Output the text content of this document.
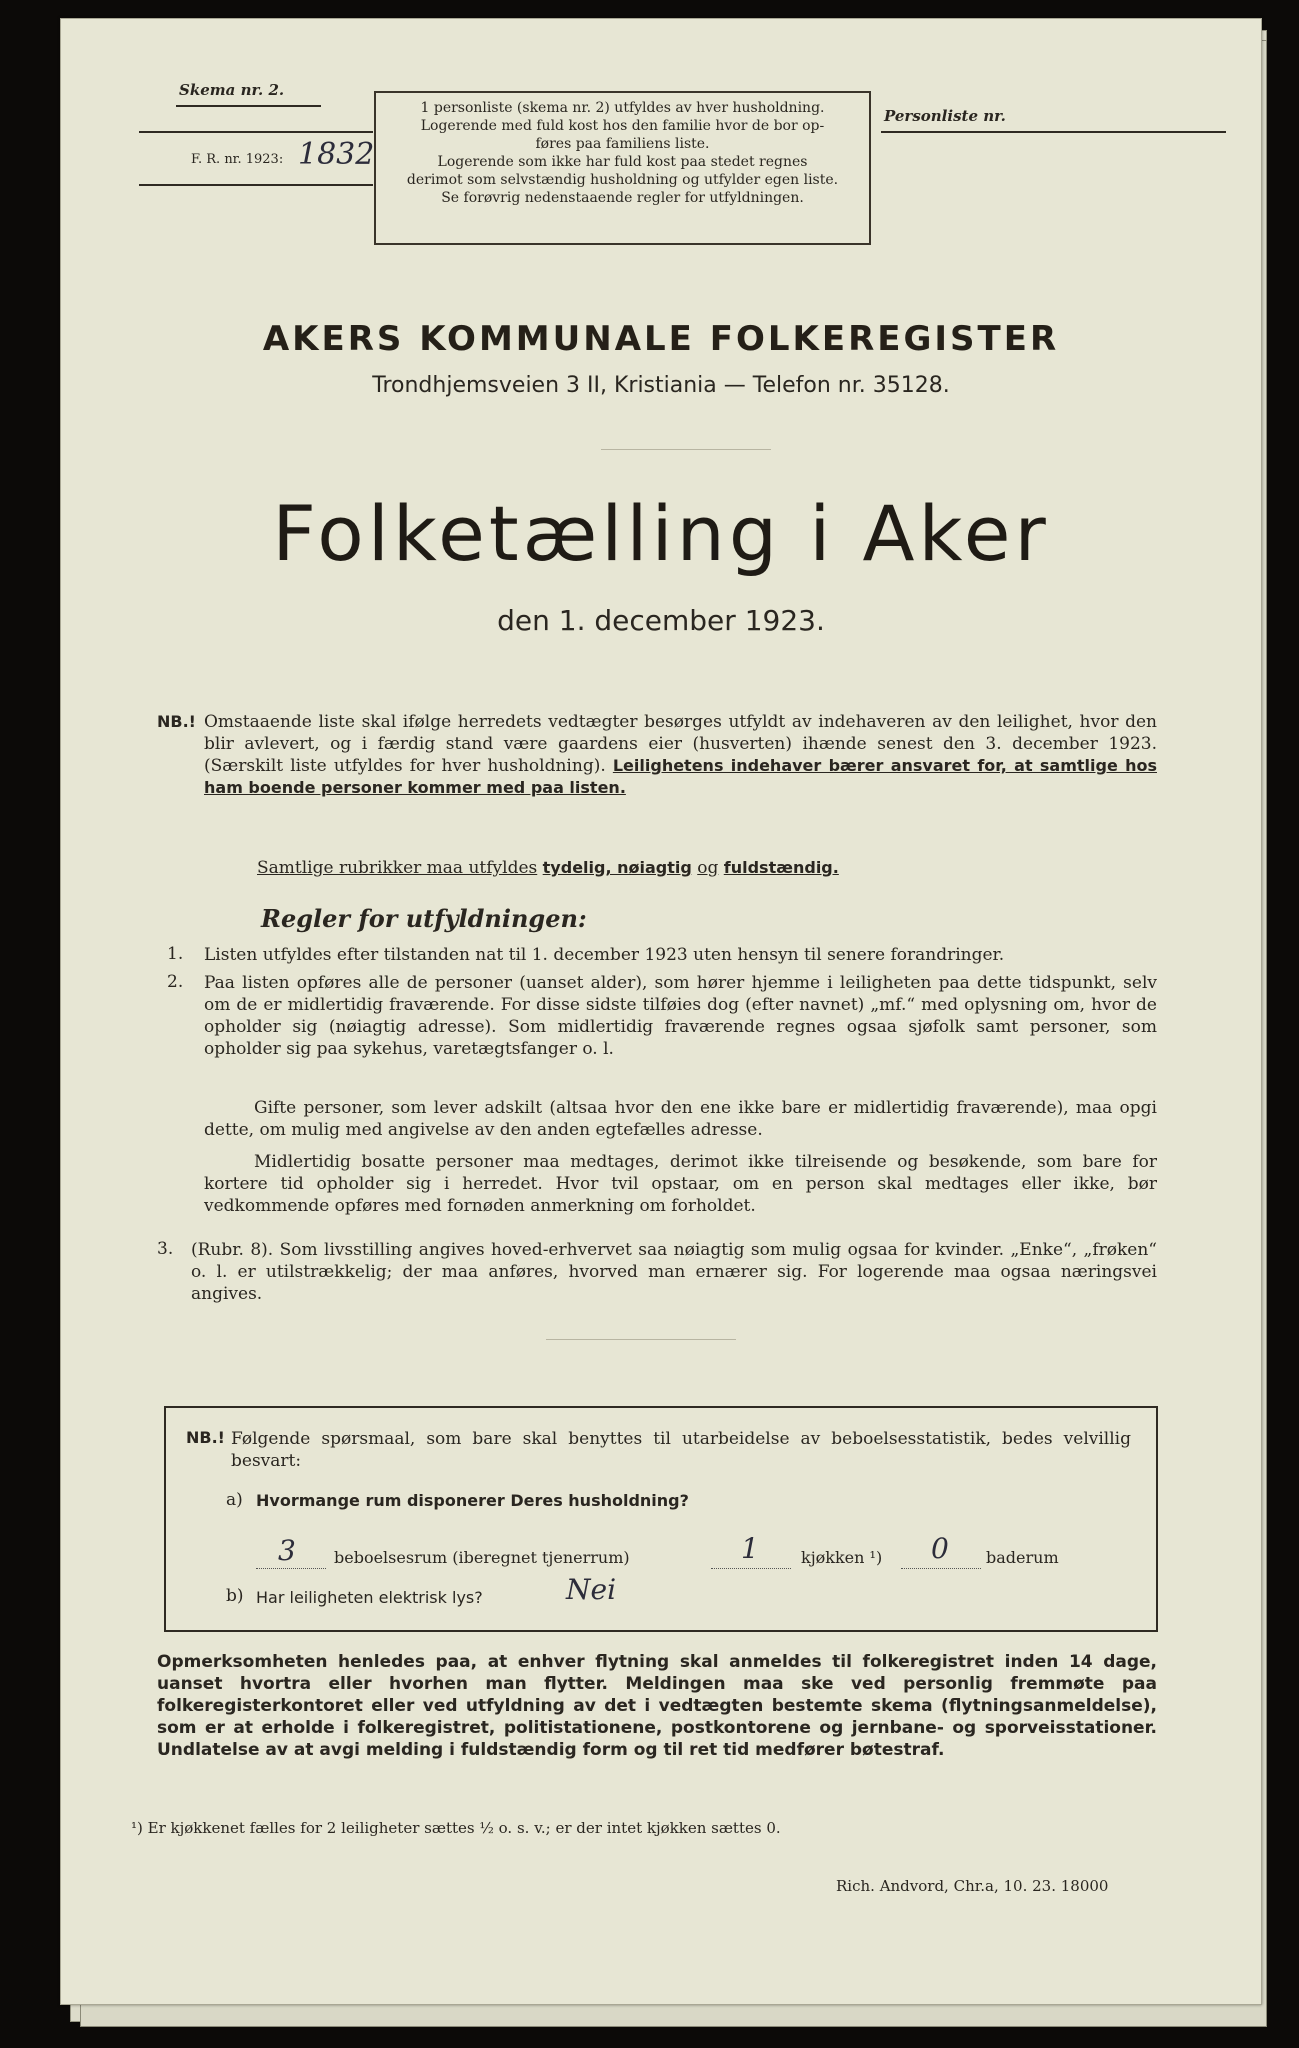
Skema nr. 2.
F. R. nr. 1923: 1832
1 personliste (skema nr. 2) utfyldes av hver husholdning.
Logerende med fuld kost hos den familie hvor de bor op-
føres paa familiens liste.
Logerende som ikke har fuld kost paa stedet regnes
derimot som selvstændig husholdning og utfylder egen liste.
Se forøvrig nedenstaaende regler for utfyldningen.
Personliste nr.
AKERS KOMMUNALE FOLKEREGISTER
Trondhjemsveien 3 II, Kristiania — Telefon nr. 35128.
Folketælling i Aker
den 1. december 1923.
NB.! Omstaaende liste skal ifølge herredets vedtægter besørges utfyldt av indehaveren av den leilighet, hvor den blir avlevert, og i færdig stand være gaardens eier (husverten) ihænde senest den 3. december 1923. (Særskilt liste utfyldes for hver husholdning). Leilighetens indehaver bærer ansvaret for, at samtlige hos ham boende personer kommer med paa listen.
Samtlige rubrikker maa utfyldes tydelig, nøiagtig og fuldstændig.
Regler for utfyldningen:
1. Listen utfyldes efter tilstanden nat til 1. december 1923 uten hensyn til senere forandringer.
2. Paa listen opføres alle de personer (uanset alder), som hører hjemme i leiligheten paa dette tidspunkt, selv om de er midlertidig fraværende. For disse sidste tilføies dog (efter navnet) „mf.“ med oplysning om, hvor de opholder sig (nøiagtig adresse). Som midlertidig fraværende regnes ogsaa sjøfolk samt personer, som opholder sig paa sykehus, varetægtsfanger o. l.
Gifte personer, som lever adskilt (altsaa hvor den ene ikke bare er midlertidig fraværende), maa opgi dette, om mulig med angivelse av den anden egtefælles adresse.
Midlertidig bosatte personer maa medtages, derimot ikke tilreisende og besøkende, som bare for kortere tid opholder sig i herredet. Hvor tvil opstaar, om en person skal medtages eller ikke, bør vedkommende opføres med fornøden anmerkning om forholdet.
3. (Rubr. 8). Som livsstilling angives hoved-erhvervet saa nøiagtig som mulig ogsaa for kvinder. „Enke“, „frøken“ o. l. er utilstrækkelig; der maa anføres, hvorved man ernærer sig. For logerende maa ogsaa næringsvei angives.
NB.! Følgende spørsmaal, som bare skal benyttes til utarbeidelse av beboelsesstatistik, bedes velvillig besvart:
a) Hvormange rum disponerer Deres husholdning?
3 beboelsesrum (iberegnet tjenerrum)	1	kjøkken ¹) 0 baderum
b) Har leiligheten elektrisk lys?	Nei
Opmerksomheten henledes paa, at enhver flytning skal anmeldes til folkeregistret inden 14 dage, uanset hvortra eller hvorhen man flytter. Meldingen maa ske ved personlig fremmøte paa folkeregisterkontoret eller ved utfyldning av det i vedtægten bestemte skema (flytningsanmeldelse), som er at erholde i folkeregistret, politistationene, postkontorene og jernbane- og sporveisstationer. Undlatelse av at avgi melding i fuldstændig form og til ret tid medfører bøtestraf.
¹) Er kjøkkenet fælles for 2 leiligheter sættes ½ o. s. v.; er der intet kjøkken sættes 0.
Rich. Andvord, Chr.a, 10. 23. 18000
